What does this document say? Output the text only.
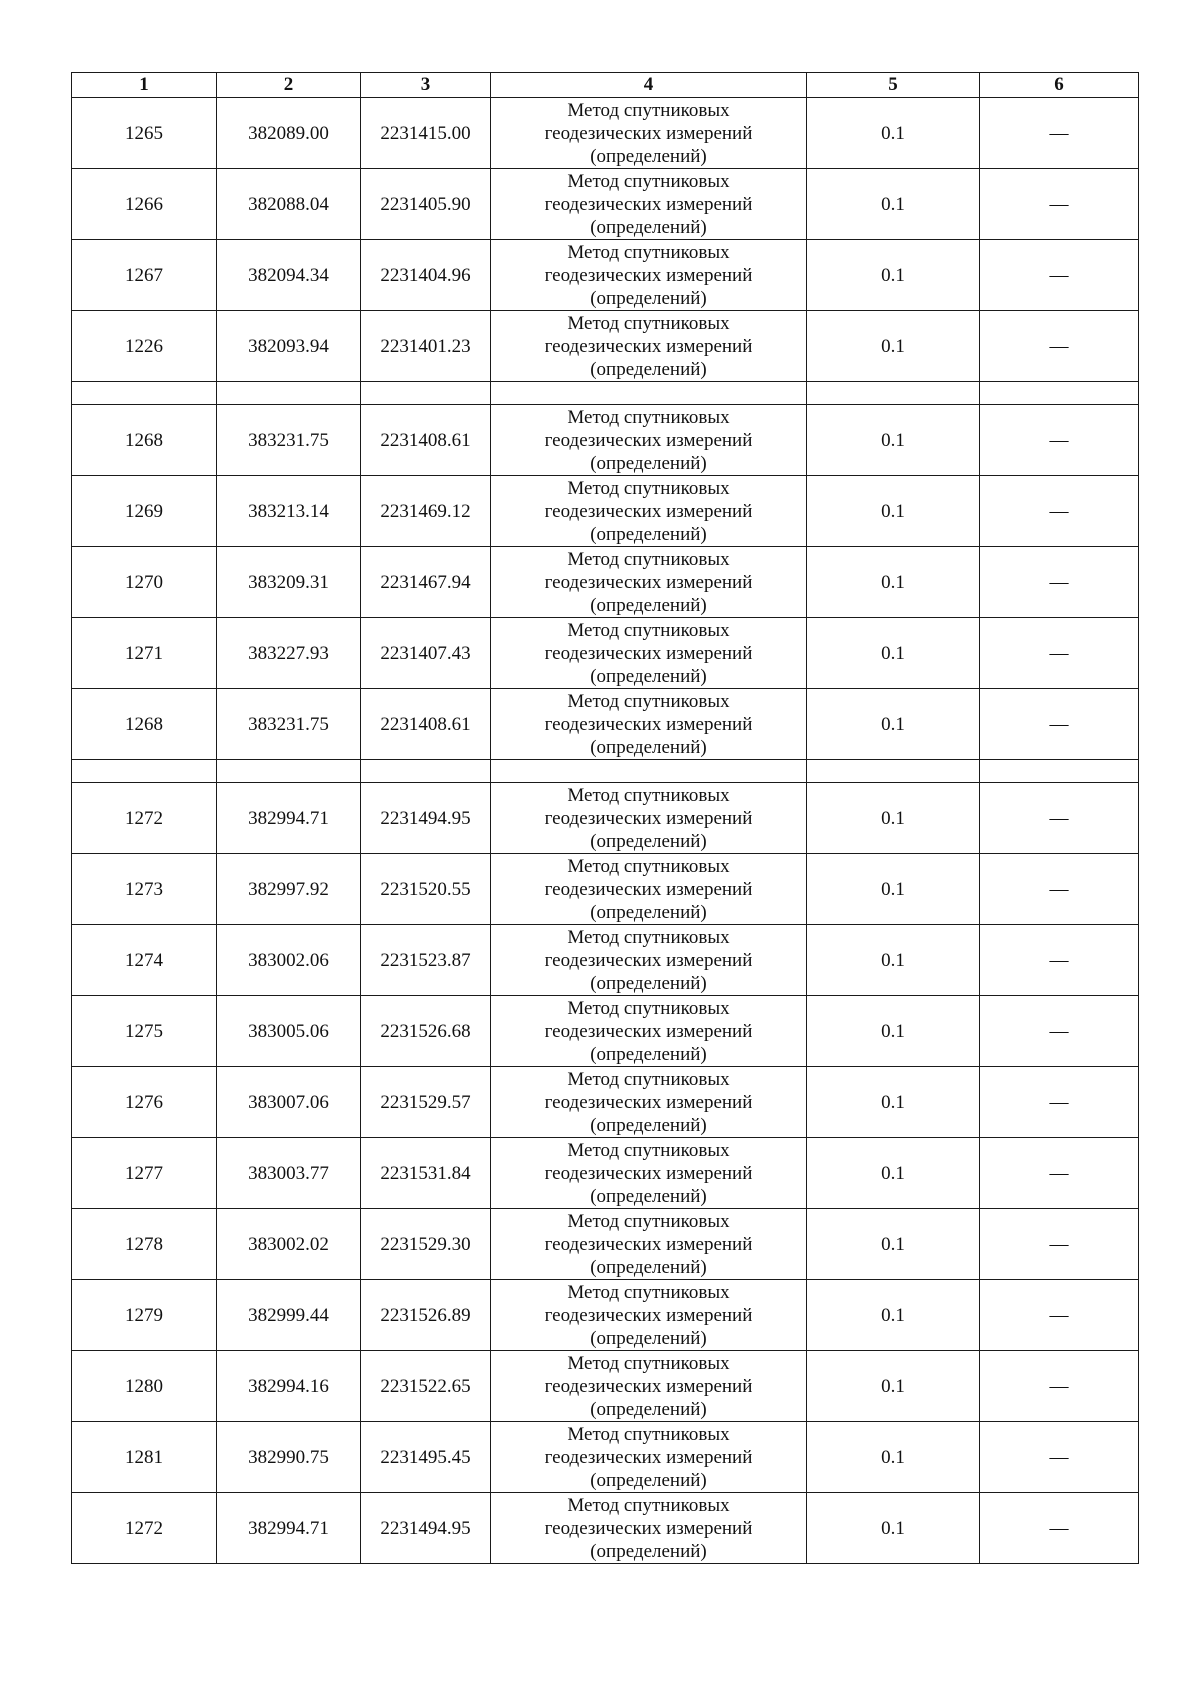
1	2	3	4	5	6
1265	382089.00	2231415.00	Метод спутниковых
геодезических измерений
(определений)	0.1	—
1266	382088.04	2231405.90	Метод спутниковых
геодезических измерений
(определений)	0.1	—
1267	382094.34	2231404.96	Метод спутниковых
геодезических измерений
(определений)	0.1	—
1226	382093.94	2231401.23	Метод спутниковых
геодезических измерений
(определений)	0.1	—

1268	383231.75	2231408.61	Метод спутниковых
геодезических измерений
(определений)	0.1	—
1269	383213.14	2231469.12	Метод спутниковых
геодезических измерений
(определений)	0.1	—
1270	383209.31	2231467.94	Метод спутниковых
геодезических измерений
(определений)	0.1	—
1271	383227.93	2231407.43	Метод спутниковых
геодезических измерений
(определений)	0.1	—
1268	383231.75	2231408.61	Метод спутниковых
геодезических измерений
(определений)	0.1	—

1272	382994.71	2231494.95	Метод спутниковых
геодезических измерений
(определений)	0.1	—
1273	382997.92	2231520.55	Метод спутниковых
геодезических измерений
(определений)	0.1	—
1274	383002.06	2231523.87	Метод спутниковых
геодезических измерений
(определений)	0.1	—
1275	383005.06	2231526.68	Метод спутниковых
геодезических измерений
(определений)	0.1	—
1276	383007.06	2231529.57	Метод спутниковых
геодезических измерений
(определений)	0.1	—
1277	383003.77	2231531.84	Метод спутниковых
геодезических измерений
(определений)	0.1	—
1278	383002.02	2231529.30	Метод спутниковых
геодезических измерений
(определений)	0.1	—
1279	382999.44	2231526.89	Метод спутниковых
геодезических измерений
(определений)	0.1	—
1280	382994.16	2231522.65	Метод спутниковых
геодезических измерений
(определений)	0.1	—
1281	382990.75	2231495.45	Метод спутниковых
геодезических измерений
(определений)	0.1	—
1272	382994.71	2231494.95	Метод спутниковых
геодезических измерений
(определений)	0.1	—
